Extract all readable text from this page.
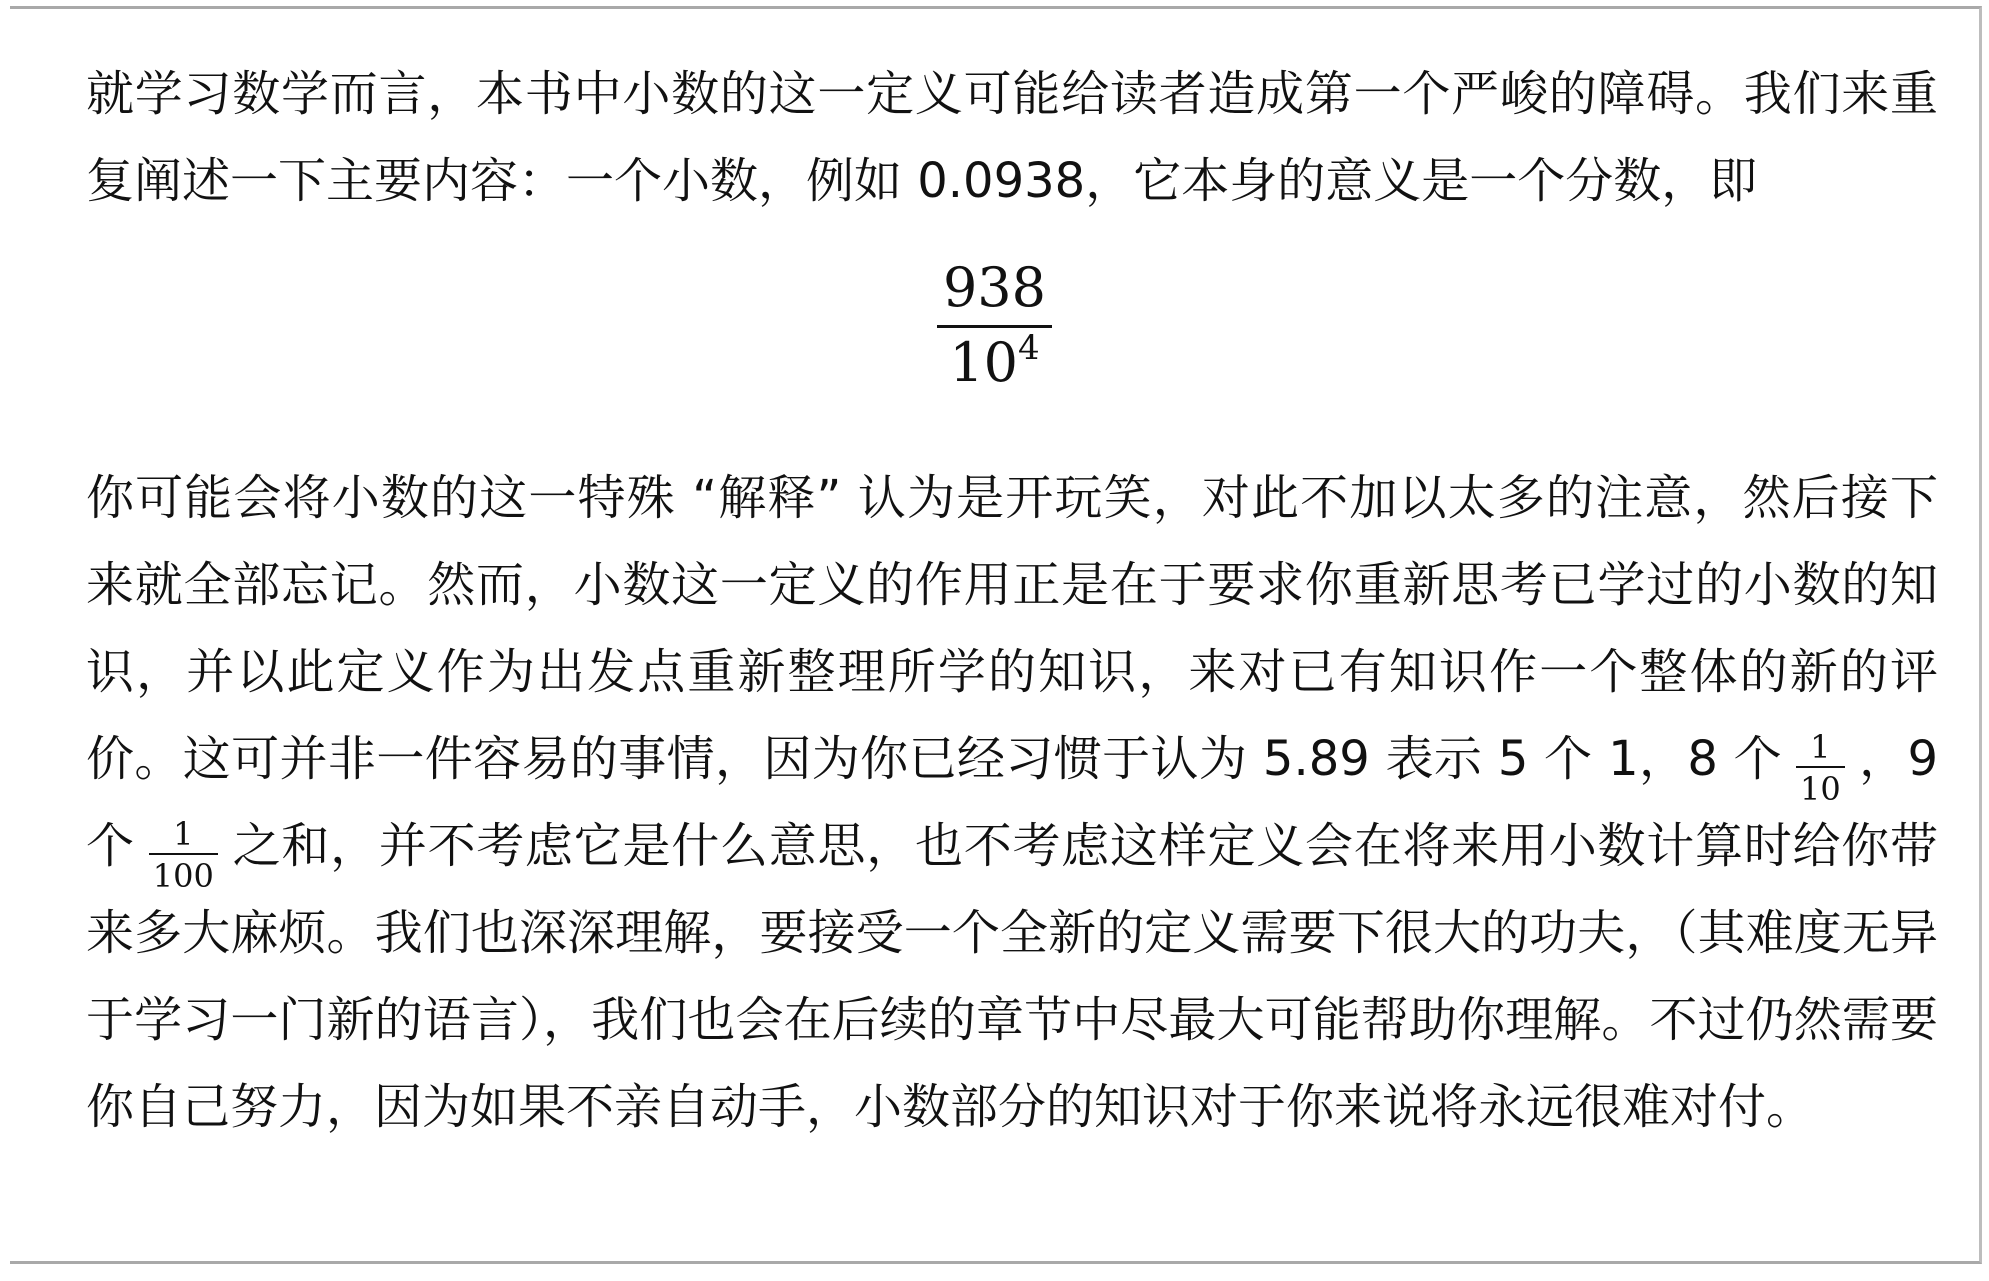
就学习数学而言，本书中小数的这一定义可能给读者造成第一个严峻的障碍。我们来重复阐述一下主要内容：一个小数，例如 0.0938，它本身的意义是一个分数，即
$\frac{938}{10^4}$
你可能会将小数的这一特殊 “解释” 认为是开玩笑，对此不加以太多的注意，然后接下来就全部忘记。然而，小数这一定义的作用正是在于要求你重新思考已学过的小数的知识，并以此定义作为出发点重新整理所学的知识，来对已有知识作一个整体的新的评价。这可并非一件容易的事情，因为你已经习惯于认为 5.89 表示 5 个 1，8 个 $\frac{1}{10}$ ，9 个 $\frac{1}{100}$ 之和，并不考虑它是什么意思，也不考虑这样定义会在将来用小数计算时给你带来多大麻烦。我们也深深理解，要接受一个全新的定义需要下很大的功夫，（其难度无异于学习一门新的语言），我们也会在后续的章节中尽最大可能帮助你理解。不过仍然需要你自己努力，因为如果不亲自动手，小数部分的知识对于你来说将永远很难对付。
